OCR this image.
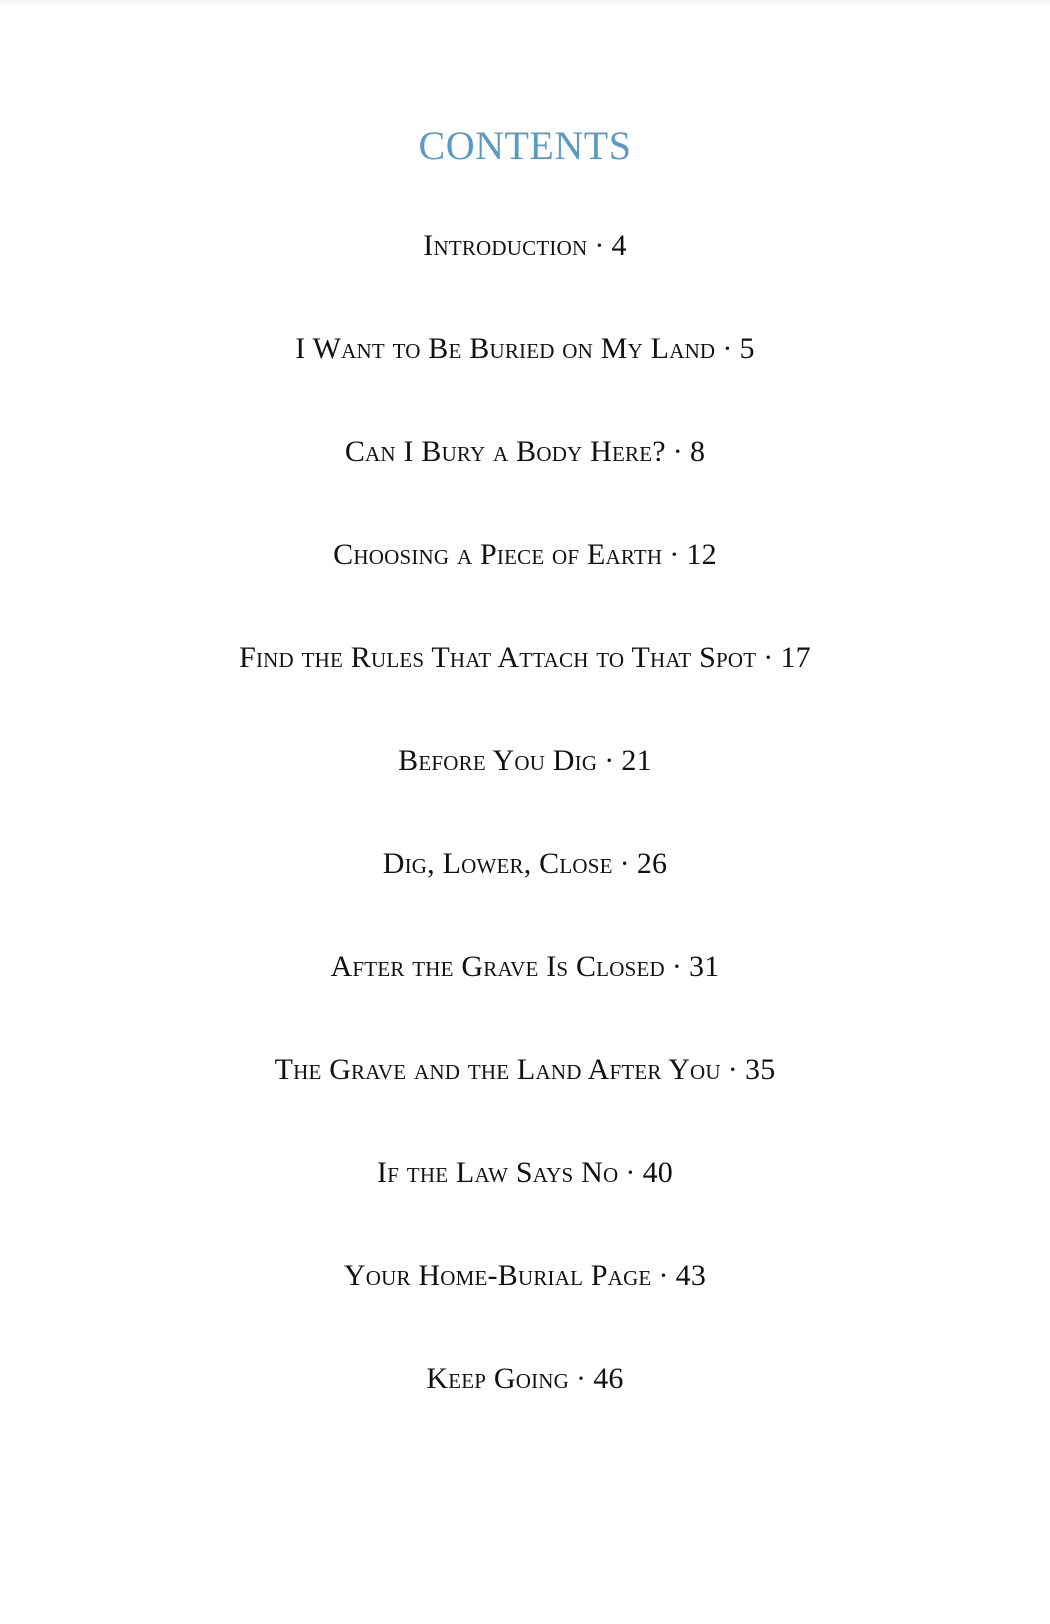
CONTENTS
Introduction · 4
I Want to Be Buried on My Land · 5
Can I Bury a Body Here? · 8
Choosing a Piece of Earth · 12
Find the Rules That Attach to That Spot · 17
Before You Dig · 21
Dig, Lower, Close · 26
After the Grave Is Closed · 31
The Grave and the Land After You · 35
If the Law Says No · 40
Your Home-Burial Page · 43
Keep Going · 46
